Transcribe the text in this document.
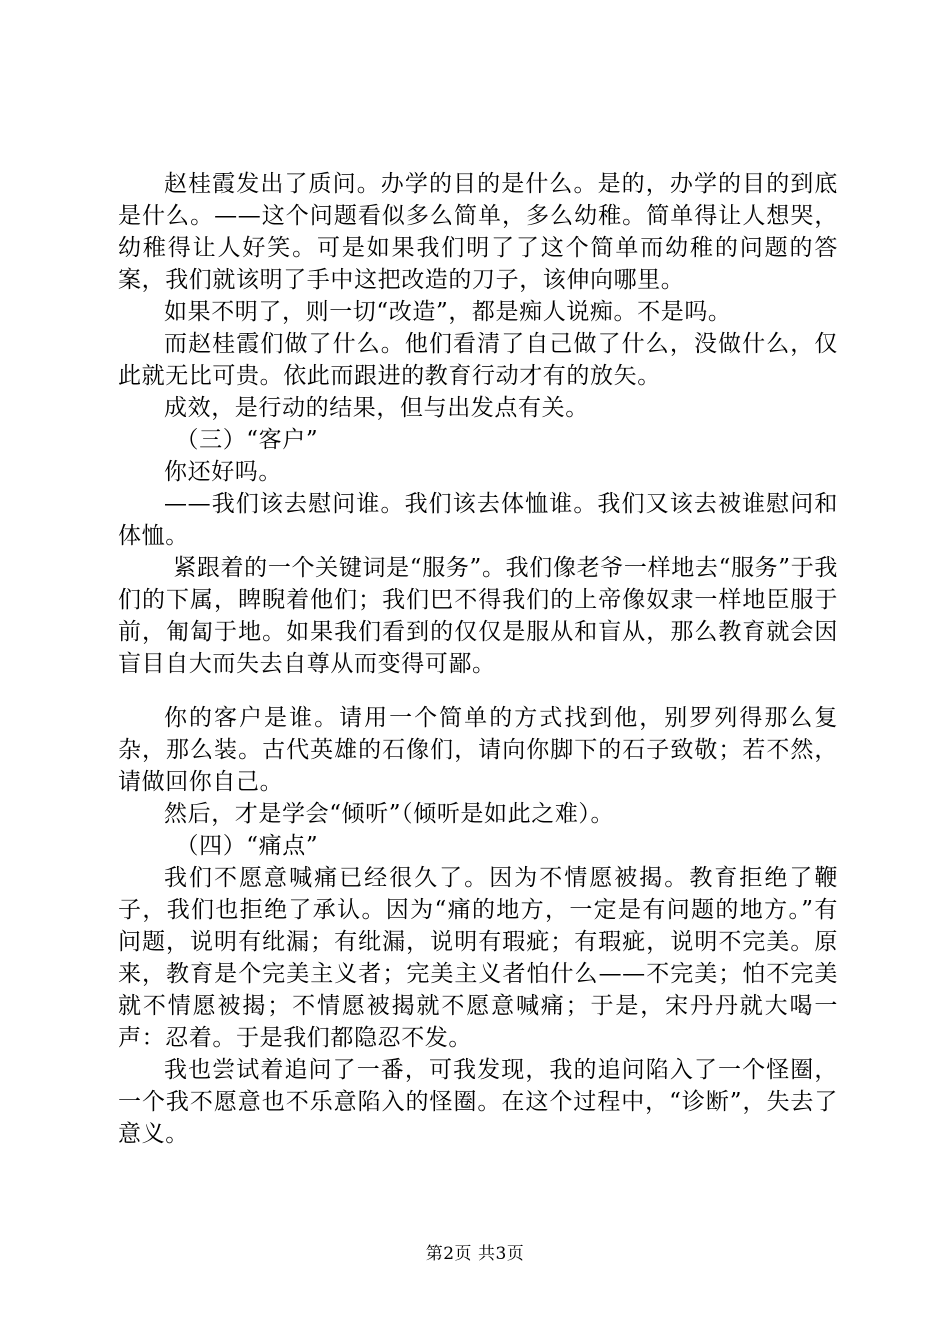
赵桂霞发出了质问。办学的目的是什么。是的，办学的目的到底是什么。——这个问题看似多么简单，多么幼稚。简单得让人想哭，幼稚得让人好笑。可是如果我们明了了这个简单而幼稚的问题的答案，我们就该明了手中这把改造的刀子，该伸向哪里。

如果不明了，则一切“改造”，都是痴人说痴。不是吗。

而赵桂霞们做了什么。他们看清了自己做了什么，没做什么，仅此就无比可贵。依此而跟进的教育行动才有的放矢。

成效，是行动的结果，但与出发点有关。

（三）“客户”

你还好吗。

——我们该去慰问谁。我们该去体恤谁。我们又该去被谁慰问和体恤。

紧跟着的一个关键词是“服务”。我们像老爷一样地去“服务”于我们的下属，睥睨着他们；我们巴不得我们的上帝像奴隶一样地臣服于前，匍匐于地。如果我们看到的仅仅是服从和盲从，那么教育就会因盲目自大而失去自尊从而变得可鄙。

你的客户是谁。请用一个简单的方式找到他，别罗列得那么复杂，那么装。古代英雄的石像们，请向你脚下的石子致敬；若不然，请做回你自己。

然后，才是学会“倾听”（倾听是如此之难）。

（四）“痛点”

我们不愿意喊痛已经很久了。因为不情愿被揭。教育拒绝了鞭子，我们也拒绝了承认。因为“痛的地方，一定是有问题的地方。”有问题，说明有纰漏；有纰漏，说明有瑕疵；有瑕疵，说明不完美。原来，教育是个完美主义者；完美主义者怕什么——不完美；怕不完美就不情愿被揭；不情愿被揭就不愿意喊痛；于是，宋丹丹就大喝一声：忍着。于是我们都隐忍不发。

我也尝试着追问了一番，可我发现，我的追问陷入了一个怪圈，一个我不愿意也不乐意陷入的怪圈。在这个过程中，“诊断”，失去了意义。

第2页 共3页
